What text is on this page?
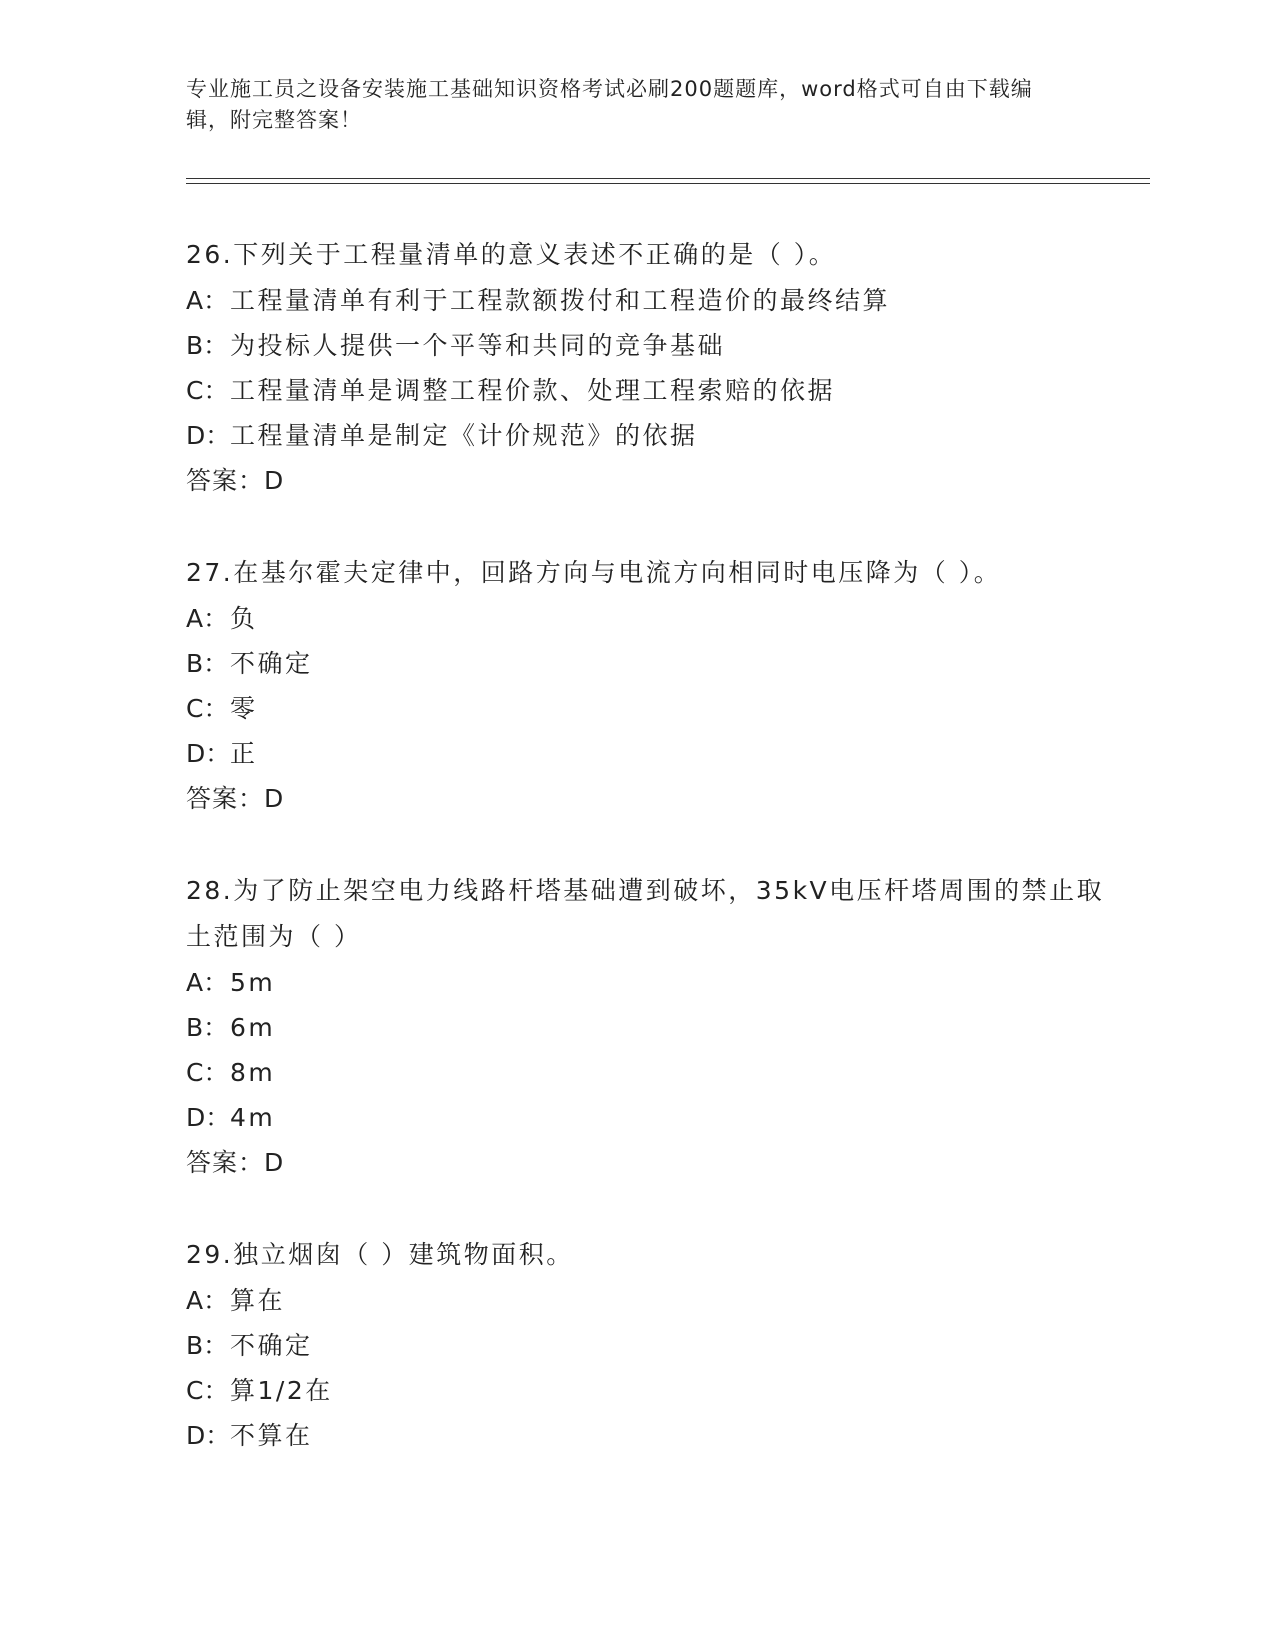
专业施工员之设备安装施工基础知识资格考试必刷200题题库，word格式可自由下载编辑，附完整答案！

26.下列关于工程量清单的意义表述不正确的是（ ）。

A：工程量清单有利于工程款额拨付和工程造价的最终结算

B：为投标人提供一个平等和共同的竞争基础

C：工程量清单是调整工程价款、处理工程索赔的依据

D：工程量清单是制定《计价规范》的依据

答案：D

27.在基尔霍夫定律中，回路方向与电流方向相同时电压降为（ ）。

A：负

B：不确定

C：零

D：正

答案：D

28.为了防止架空电力线路杆塔基础遭到破坏，35kV电压杆塔周围的禁止取土范围为（ ）

A：5m

B：6m

C：8m

D：4m

答案：D

29.独立烟囱（ ）建筑物面积。

A：算在

B：不确定

C：算1/2在

D：不算在
